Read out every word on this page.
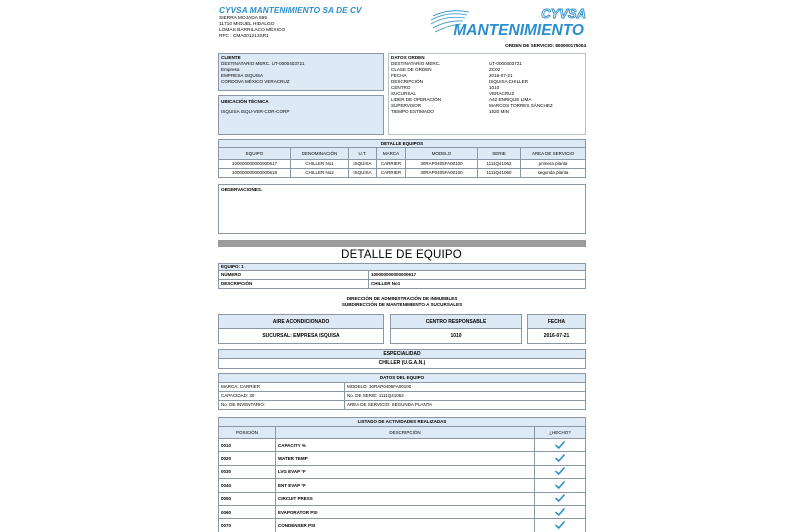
CYVSA MANTENIMIENTO SA DE CV
SIERRA MOJADA 555
11710 MIGUEL HIDALGO
LOMAS BARRILACO MÉXICO
RFC : CMA001213SR1
CYVSA
MANTENIMIENTO
ORDEN DE SERVICIO: 800000175004
CLIENTE
DESTINATARIO MERC. UT-0000403721
Empresa
EMPRESA ISQUISA
CORDOVA MÉXICO VERACRUZ
UBICACIÓN TÉCNICA
ISQUISA ISQU-VER-COR-CORP
DATOS ORDEN
DESTINATARIO MERC.	UT-0000403721
CLASE DE ORDEN	ZC02
FECHA	2016-07-21
DESCRIPCIÓN	ISQUISA CHILLER
CENTRO	1010
SUCURSAL	VERACRUZ
LIDER DE OPERACIÓN	A42 ENRIQUE LIMA
SUPERVISOR	MARCOS TORRES SÁNCHEZ
TIEMPO ESTIMADO	1920 MIN
DETALLE EQUIPOS						
EQUIPO	DENOMINACIÓN	U.T.	MARCA	MODELO	SERIE	AREA DE SERVICIO
100000000000000617	CHILLER No1	ISQUISA	CARRIER	30RAP0405FA00100	1111Q41062	primera planta
100000000000000618	CHILLER No2	ISQUISA	CARRIER	30RAP0405FA00100	1111Q41060	segunda planta
OBSERVACIONES.
DETALLE DE EQUIPO
EQUIPO: 1	
NÚMERO	100000000000000617
DESCRIPCIÓN	CHILLER No1
DIRECCIÓN DE ADMINISTRACIÓN DE INMUEBLES
SUBDIRECCIÓN DE MANTENIMIENTO A SUCURSALES
AIRE ACONDICIONADO
SUCURSAL: EMPRESA ISQUISA
CENTRO RESPONSABLE
1010
FECHA
2016-07-21
ESPECIALIDAD
CHILLER (U.G.A.N.)
DATOS DEL EQUIPO	
MARCA: CARRIER	MODELO: 30RAP0405FA00100
CAPACIDAD: 30	No. DE SERIE: 1111Q41062
No. DE INVENTARIO:	AREA DE SERVICIO: SEGUNDA PLANTA
LISTADO DE ACTIVIDADES REALIZADAS		
POSICIÓN	DESCRIPCIÓN	¿HECHO?
0010	CAPACITY %	
0020	WATER TEMP	
0030	LVG EVAP °F	
0040	ENT EVAP °F	
0050	CIRCUIT PRESS	
0060	EVAPORATOR PSI	
0070	CONDENSER PSI	
